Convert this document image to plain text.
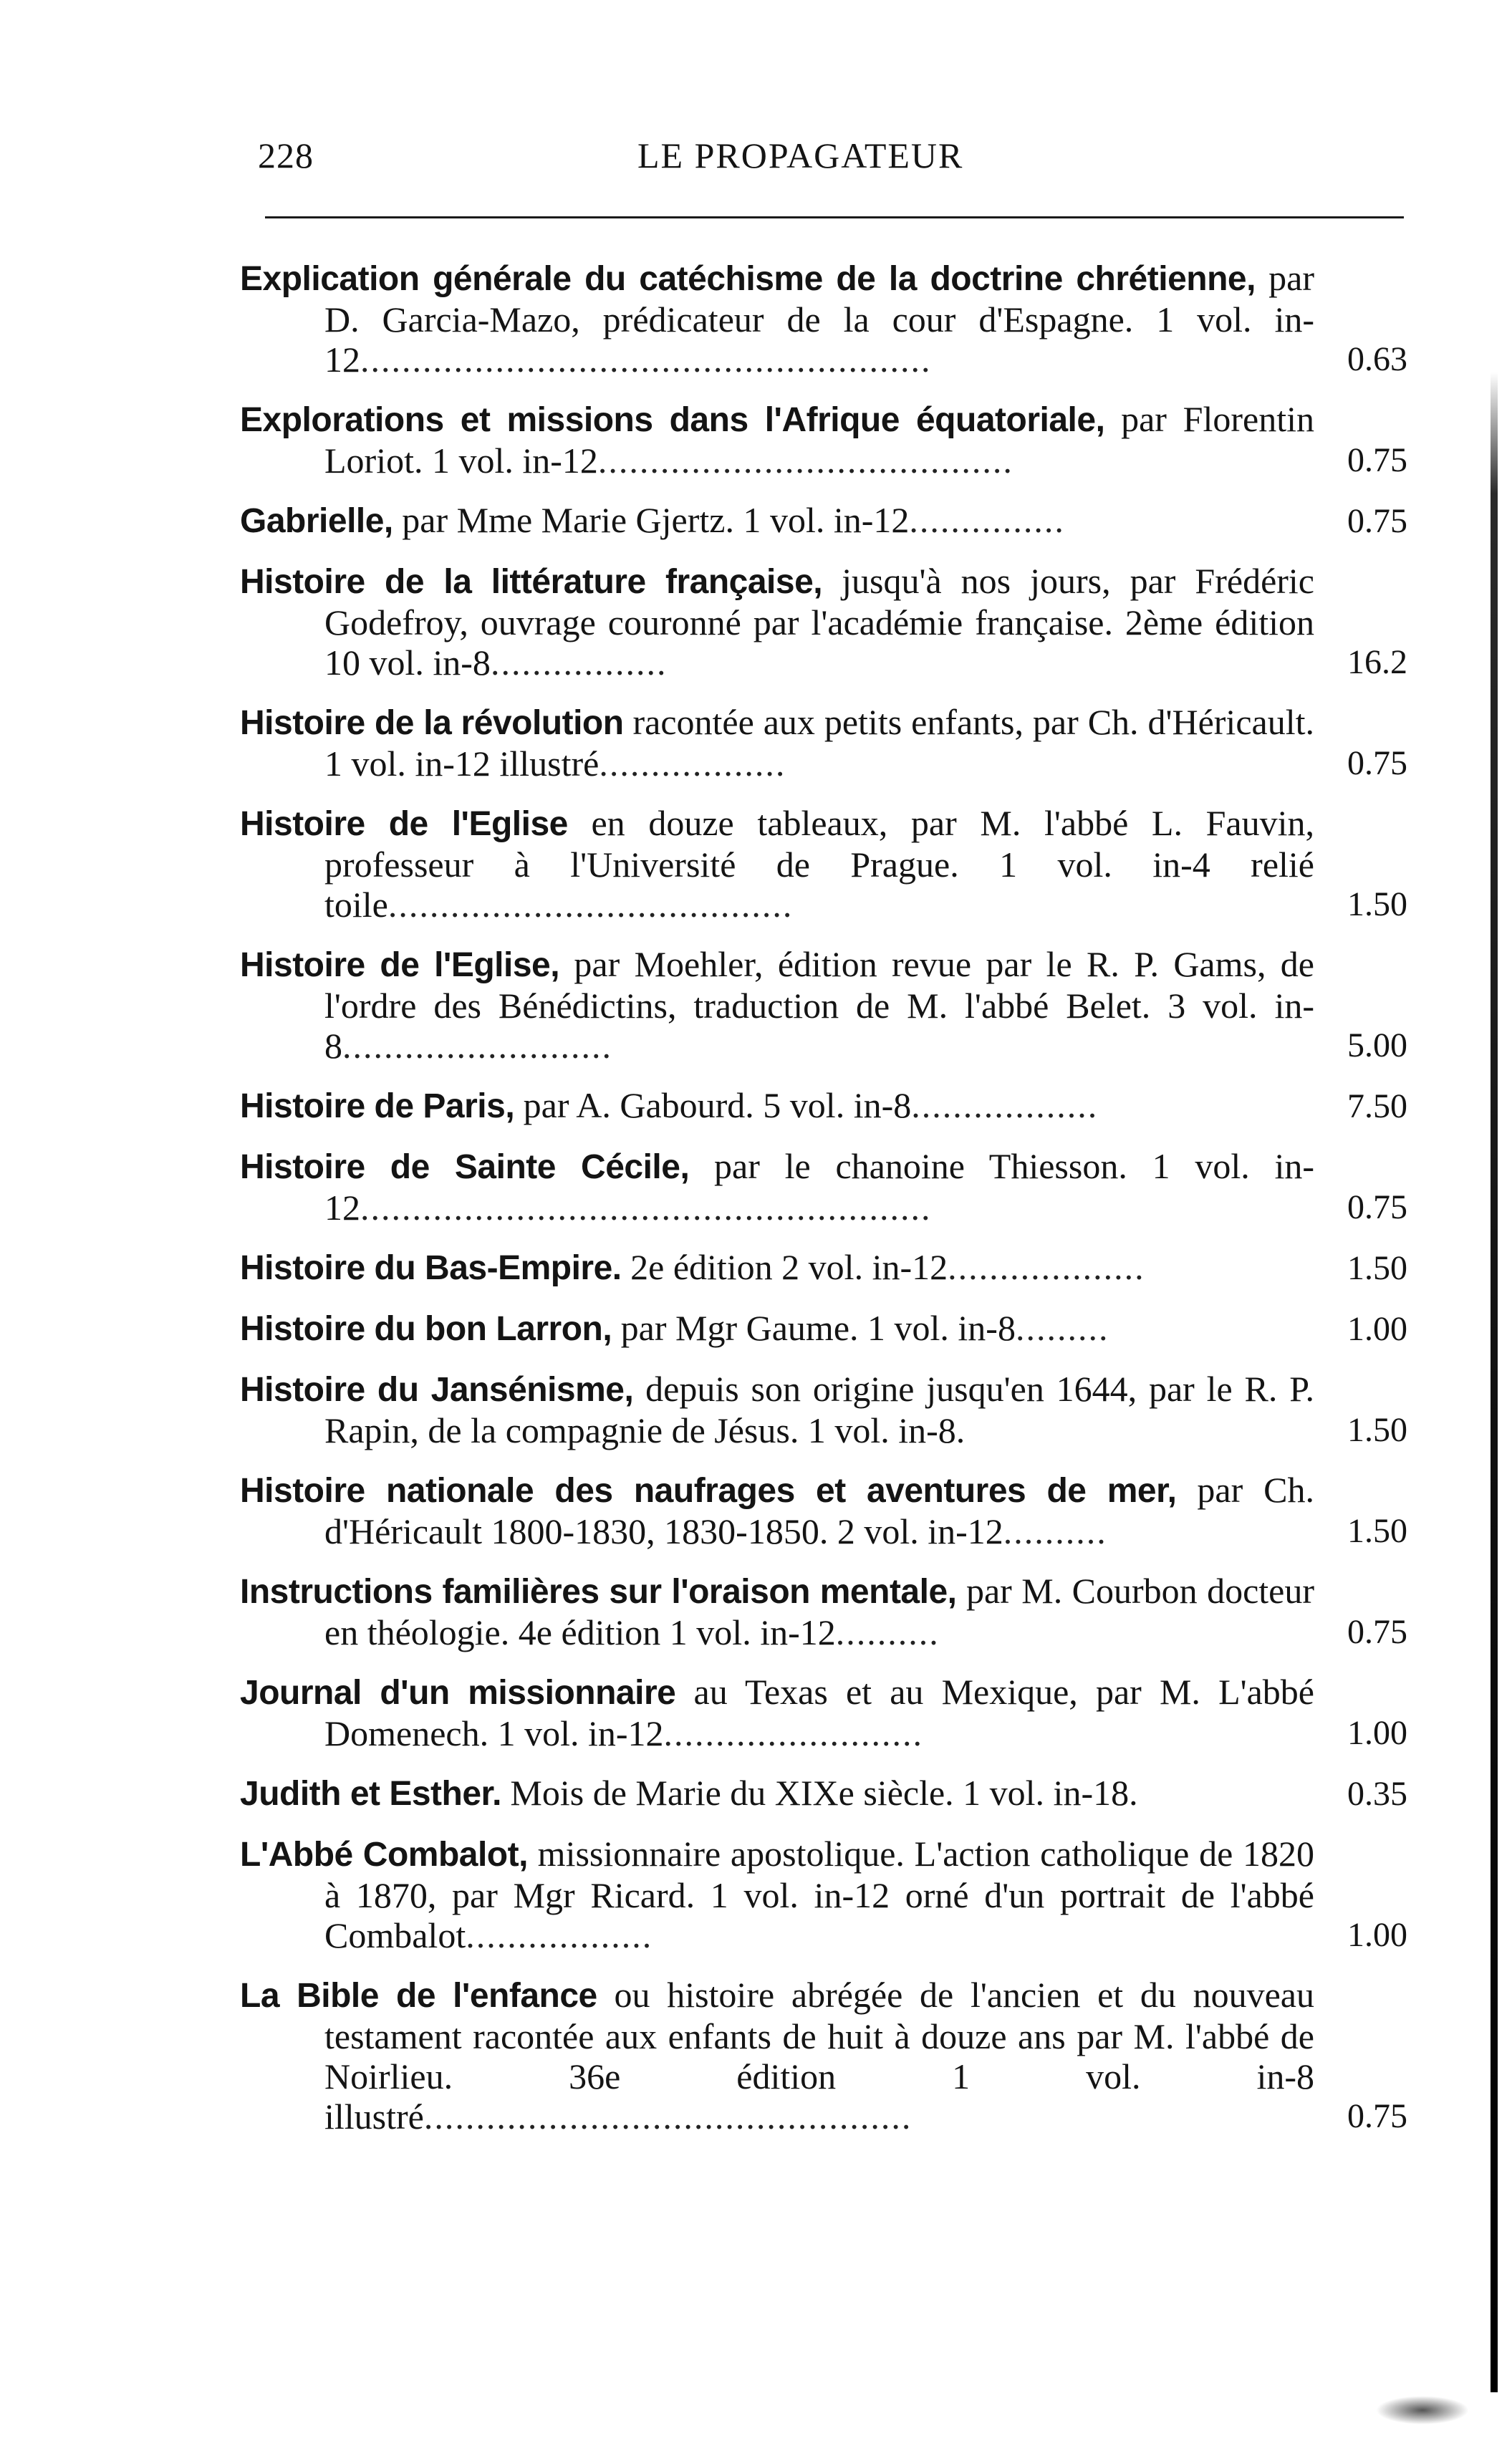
228	LE PROPAGATEUR
Explication générale du catéchisme de la doctrine chrétienne, par D. Garcia-Mazo, prédicateur de la cour d'Espagne. 1 vol. in-12.......................................................	0.63
Explorations et missions dans l'Afrique équatoriale, par Florentin Loriot. 1 vol. in-12........................................	0.75
Gabrielle, par Mme Marie Gjertz. 1 vol. in-12...............	0.75
Histoire de la littérature française, jusqu'à nos jours, par Frédéric Godefroy, ouvrage couronné par l'académie française. 2ème édition 10 vol. in-8.................	16.2
Histoire de la révolution racontée aux petits enfants, par Ch. d'Héricault. 1 vol. in-12 illustré..................	0.75
Histoire de l'Eglise en douze tableaux, par M. l'abbé L. Fauvin, professeur à l'Université de Prague. 1 vol. in-4 relié toile.......................................	1.50
Histoire de l'Eglise, par Moehler, édition revue par le R. P. Gams, de l'ordre des Bénédictins, traduction de M. l'abbé Belet. 3 vol. in-8..........................	5.00
Histoire de Paris, par A. Gabourd. 5 vol. in-8..................	7.50
Histoire de Sainte Cécile, par le chanoine Thiesson. 1 vol. in-12.......................................................	0.75
Histoire du Bas-Empire. 2e édition 2 vol. in-12...................	1.50
Histoire du bon Larron, par Mgr Gaume. 1 vol. in-8.........	1.00
Histoire du Jansénisme, depuis son origine jusqu'en 1644, par le R. P. Rapin, de la compagnie de Jésus. 1 vol. in-8.	1.50
Histoire nationale des naufrages et aventures de mer, par Ch. d'Héricault 1800-1830, 1830-1850. 2 vol. in-12..........	1.50
Instructions familières sur l'oraison mentale, par M. Courbon docteur en théologie. 4e édition 1 vol. in-12..........	0.75
Journal d'un missionnaire au Texas et au Mexique, par M. L'abbé Domenech. 1 vol. in-12.........................	1.00
Judith et Esther. Mois de Marie du XIXe siècle. 1 vol. in-18.	0.35
L'Abbé Combalot, missionnaire apostolique. L'action catholique de 1820 à 1870, par Mgr Ricard. 1 vol. in-12 orné d'un portrait de l'abbé Combalot..................	1.00
La Bible de l'enfance ou histoire abrégée de l'ancien et du nouveau testament racontée aux enfants de huit à douze ans par M. l'abbé de Noirlieu. 36e édition 1 vol. in-8 illustré...............................................	0.75
